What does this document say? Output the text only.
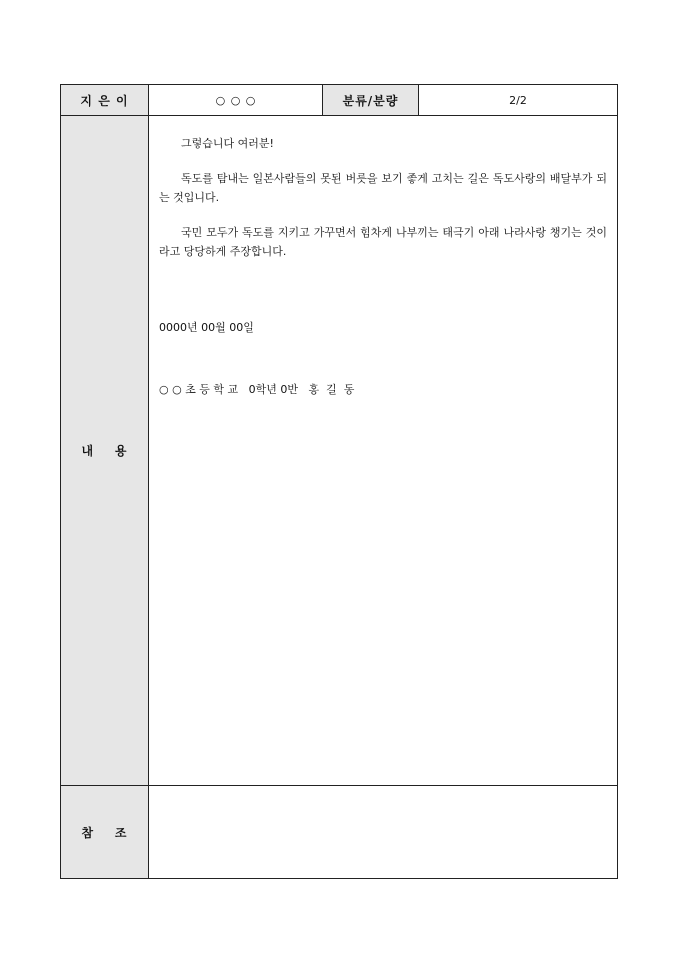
지 은 이	○ ○ ○	분류/분량	2/2
내    용	그렇습니다 여러분!

독도를 탐내는 일본사람들의 못된 버릇을 보기 좋게 고치는 길은 독도사랑의 배달부가 되는 것입니다.

국민 모두가 독도를 지키고 가꾸면서 힘차게 나부끼는 태극기 아래 나라사랑 챙기는 것이라고 당당하게 주장합니다.

0000년 00월 00일

○ ○ 초 등 학 교   0학년 0반   홍  길  동		

참    조			
